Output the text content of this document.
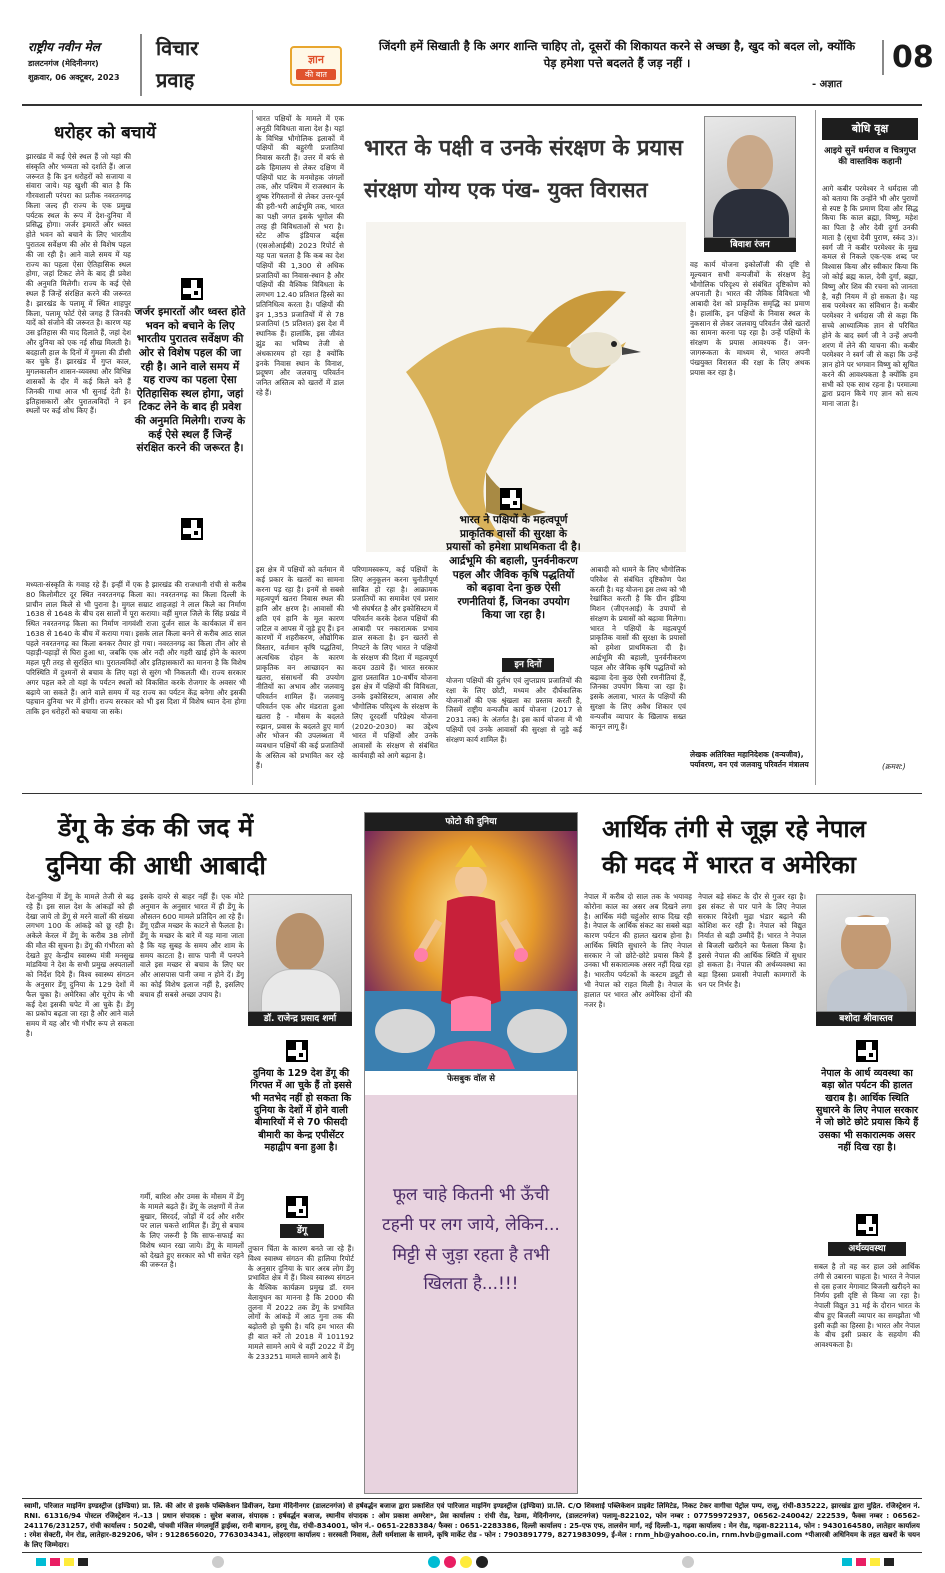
राष्ट्रीय नवीन मेल
डालटनगंज (मेदिनीनगर)
शुक्रवार, 06 अक्टूबर, 2023
विचार
प्रवाह
ज्ञान
की बात
जिंदगी हमें सिखाती है कि अगर शान्ति चाहिए तो, दूसरों की शिकायत करने से अच्छा है, खुद को बदल लो, क्योंकि पेड़ हमेशा पत्ते बदलते हैं जड़ नहीं ।
- अज्ञात
08
धरोहर को बचायें
झारखंड में कई ऐसे स्थल हैं जो यहां की संस्कृति और भव्यता को दर्शाते हैं। आज जरूरत है कि इन धरोहरों को सजाया व संवारा जाये। यह खुशी की बात है कि गौरवशाली परंपरा का प्रतीक नवरतनगढ़ किला जल्द ही राज्य के एक प्रमुख पर्यटक स्थल के रूप में देश-दुनिया में प्रसिद्ध होगा। जर्जर इमारतें और ध्वस्त होते भवन को बचाने के लिए भारतीय पुरातत्व सर्वेक्षण की ओर से विशेष पहल की जा रही है। आने वाले समय में यह राज्य का पहला ऐसा ऐतिहासिक स्थल होगा, जहां टिकट लेने के बाद ही प्रवेश की अनुमति मिलेगी। राज्य के कई ऐसे स्थल हैं जिन्हें संरक्षित करने की जरूरत है। झारखंड के पलामू में स्थित शाहपुर किला, पलामू फोर्ट ऐसे जगह हैं जिनकी यादें को संजोने की जरूरत है। कारण यह उस इतिहास की याद दिलाते हैं, जहां देश और दुनिया को एक नई सीख मिलती है। बदहाली हाल के दिनों में गुमला की डीसी कर चुके हैं। झारखंड में गुप्त काल, मुगलकालीन शासन-व्यवस्था और विभिन्न शासकों के दौर में कई किले बने हैं जिनकी गाथा आज भी सुनाई देती है। इतिहासकारों और पुरातत्वविदों ने इन स्थलों पर कई शोध किए हैं।
जर्जर इमारतों और ध्वस्त होते भवन को बचाने के लिए भारतीय पुरातत्व सर्वेक्षण की ओर से विशेष पहल की जा रही है। आने वाले समय में यह राज्य का पहला ऐसा ऐतिहासिक स्थल होगा, जहां टिकट लेने के बाद ही प्रवेश की अनुमति मिलेगी। राज्य के कई ऐसे स्थल हैं जिन्हें संरक्षित करने की जरूरत है।
मध्यता-संस्कृति के गवाह रहे हैं। इन्हीं में एक है झारखंड की राजधानी रांची से करीब 80 किलोमीटर दूर स्थित नवरतनगढ़ किला का। नवरतनगढ़ का किला दिल्ली के प्राचीन लाल किले से भी पुराना है। मुगल सम्राट शाहजहां ने लाल किले का निर्माण 1638 से 1648 के बीच दस सालों में पूरा कराया। वहीं मुगल जिले के सिंह प्रखंड में स्थित नवरतनगढ़ किला का निर्माण नागवंशी राजा दुर्जन साल के कार्यकाल में सन 1638 से 1640 के बीच में कराया गया। इसके लाल किला बनने से करीब आठ साल पहले नवरतनगढ़ का किला बनकर तैयार हो गया। नवरतनगढ़ का किला तीन ओर से पहाड़ी-पहाड़ों से घिरा हुआ था, जबकि एक ओर नदी और गहरी खाई होने के कारण महल पूरी तरह से सुरक्षित था। पुरातत्वविदों और इतिहासकारों का मानना है कि विशेष परिस्थिति में दुश्मनों से बचाव के लिए यहां से सुरंग भी निकलती थी। राज्य सरकार अगर पहल करे तो यहां के पर्यटन स्थलों को विकसित करके रोजगार के अवसर भी बढ़ाये जा सकते हैं। आने वाले समय में यह राज्य का पर्यटन केंद्र बनेगा और इसकी पहचान दुनिया भर में होगी। राज्य सरकार को भी इस दिशा में विशेष ध्यान देना होगा ताकि इन धरोहरों को बचाया जा सके।
भारत पक्षियों के मामले में एक अनूठी विविधता वाला देश है। यहां के विभिन्न भौगोलिक इलाकों में पक्षियों की बहुरंगी प्रजातियां निवास करती हैं। उत्तर में बर्फ से ढके हिमालय से लेकर दक्षिण में पक्षियों घाट के मनमोहक जंगलों तक, और पश्चिम में राजस्थान के शुष्क रेगिस्तानों से लेकर उत्तर-पूर्व की हरी-भरी आर्द्रभूमि तक, भारत का पक्षी जगत इसके भूगोल की तरह ही विविधताओं से भरा है। स्टेट ऑफ इंडियाज बर्ड्स (एसओआईबी) 2023 रिपोर्ट से यह पता चलता है कि कब का देश पक्षियों की 1,300 से अधिक प्रजातियों का निवास-स्थान है और पक्षियों की वैश्विक विविधता के लगभग 12.40 प्रतिशत हिस्से का प्रतिनिधित्व करता है। पक्षियों की इन 1,353 प्रजातियों में से 78 प्रजातियां (5 प्रतिशत) इस देश में स्थानिक हैं। हालांकि, इस जीवंत झुंड का भविष्य तेजी से अंधकारमय हो रहा है क्योंकि इनके निवास स्थान के विनाश, प्रदूषण और जलवायु परिवर्तन जनित अस्तित्व को खतरों में डाल रहे हैं।
भारत के पक्षी व उनके संरक्षण के प्रयास
संरक्षण योग्य एक पंख- युक्त विरासत
इस क्षेत्र में पक्षियों को वर्तमान में कई प्रकार के खतरों का सामना करना पड़ रहा है। इनमें से सबसे महत्वपूर्ण खतरा निवास स्थल की हानि और क्षरण है। आवासों की क्षति एवं हानि के मूल कारण जटिल व आपस में जुड़े हुए हैं। इन कारणों में शहरीकरण, औद्योगिक विस्तार, वर्तमान कृषि पद्धतियां, अत्यधिक दोहन के कारण प्राकृतिक वन आच्छादन का खतरा, संसाधनों की उपयोग नीतियों का अभाव और जलवायु परिवर्तन शामिल हैं। जलवायु परिवर्तन एक और मंडराता हुआ खतरा है - मौसम के बदलते रुझान, प्रवास के बदलते हुए मार्ग और भोजन की उपलब्धता में व्यवधान पक्षियों की कई प्रजातियों के अस्तित्व को प्रभावित कर रहे हैं।
परिणामस्वरूप, कई पक्षियों के लिए अनुकूलन करना चुनौतीपूर्ण साबित हो रहा है। आक्रामक प्रजातियों का समावेश एवं प्रसार भी संघर्षरत है और इकोसिस्टम में परिवर्तन करके देशज पक्षियों की आबादी पर नकारात्मक प्रभाव डाल सकता है। इन खतरों से निपटने के लिए भारत ने पक्षियों के संरक्षण की दिशा में महत्वपूर्ण कदम उठाये हैं। भारत सरकार द्वारा प्रस्तावित 10-वर्षीय योजना इस क्षेत्र में पक्षियों की विविधता, उनके इकोसिस्टम, आवास और भौगोलिक परिदृश्य के संरक्षण के लिए दूरदर्शी परिप्रेक्ष्य योजना (2020-2030) का उद्देश्य भारत में पक्षियों और उनके आवासों के संरक्षण से संबंधित कार्यवाही को आगे बढ़ाना है।
भारत ने पक्षियों के महत्वपूर्ण प्राकृतिक वासों की सुरक्षा के प्रयासों को हमेशा प्राथमिकता दी है। आर्द्रभूमि की बहाली, पुनर्वनीकरण पहल और जैविक कृषि पद्धतियों को बढ़ावा देना कुछ ऐसी रणनीतियां हैं, जिनका उपयोग किया जा रहा है।
इन दिनों
योजना पक्षियों की दुर्लभ एवं लुप्तप्राय प्रजातियों की रक्षा के लिए छोटी, मध्यम और दीर्घकालिक योजनाओं की एक श्रृंखला का प्रस्ताव करती है, जिसमें राष्ट्रीय वन्यजीव कार्य योजना (2017 से 2031 तक) के अंतर्गत है। इस कार्य योजना में भी पक्षियों एवं उनके आवासों की सुरक्षा से जुड़े कई संरक्षण कार्य शामिल हैं।
आबादी को थामने के लिए भौगोलिक परिवेश से संबंधित दृष्टिकोण पेश करती है। यह योजना इस तथ्य को भी रेखांकित करती है कि ग्रीन इंडिया मिशन (जीएनआई) के उपायों से संरक्षण के प्रयासों को बढ़ावा मिलेगा। भारत ने पक्षियों के महत्वपूर्ण प्राकृतिक वासों की सुरक्षा के प्रयासों को हमेशा प्राथमिकता दी है। आर्द्रभूमि की बहाली, पुनर्वनीकरण पहल और जैविक कृषि पद्धतियों को बढ़ावा देना कुछ ऐसी रणनीतियां हैं, जिनका उपयोग किया जा रहा है। इसके अलावा, भारत के पक्षियों की सुरक्षा के लिए अवैध शिकार एवं वन्यजीव व्यापार के खिलाफ सख्त कानून लागू हैं।
बिवाश रंजन
वह कार्य योजना इकोलॉजी की दृष्टि से मूल्यवान सभी वन्यजीवों के संरक्षण हेतु भौगोलिक परिदृश्य से संबंधित दृष्टिकोण को अपनाती है। भारत की जैविक विविधता भी आबादी देश को प्राकृतिक समृद्धि का प्रमाण है। हालांकि, इन पक्षियों के निवास स्थल के नुकसान से लेकर जलवायु परिवर्तन जैसे खतरों का सामना करना पड़ रहा है। उन्हें पक्षियों के संरक्षण के प्रयास आवश्यक हैं। जन-जागरूकता के माध्यम से, भारत अपनी पंखयुक्त विरासत की रक्षा के लिए अथक प्रयास कर रहा है।
लेखक अतिरिक्त महानिदेशक (वन्यजीव), पर्यावरण, वन एवं जलवायु परिवर्तन मंत्रालय
बोधि वृक्ष
आइये सुनें धर्मराज व चित्रगुप्त की वास्तविक कहानी
आगे कबीर परमेश्वर ने धर्मदास जी को बताया कि उन्होंने भी और पुराणों से स्पष्ट है कि प्रमाण दिया और सिद्ध किया कि काल ब्रह्मा, विष्णु, महेश का पिता है और देवी दुर्गा उनकी माता है (सुधा देवी पुराण, स्कंद 3)। स्वर्ग जी ने कबीर परमेश्वर के मुख कमल से निकले एक-एक शब्द पर विश्वास किया और स्वीकार किया कि जो कोई ब्रह्म काल, देवी दुर्गा, ब्रह्मा, विष्णु और शिव की रचना को जानता है, वही नियम में हो सकता है। यह सब परमेश्वर का संविधान है। कबीर परमेश्वर ने धर्मदास जी से कहा कि सच्चे आध्यात्मिक ज्ञान से परिचित होने के बाद स्वर्ग जी ने उन्हें अपनी शरण में लेने की याचना की। कबीर परमेश्वर ने स्वर्ग जी से कहा कि उन्हें ज्ञान होने पर भगवान विष्णु को सूचित करने की आवश्यकता है क्योंकि हम सभी को एक साथ रहना है। परमात्मा द्वारा प्रदान किये गए ज्ञान को सत्य माना जाता है।
(क्रमश:)
डेंगू के डंक की जद में
दुनिया की आधी आबादी
देश-दुनिया में डेंगू के मामले तेजी से बढ़ रहे हैं। इस साल देश के आंकड़ों को ही देखा जाये तो डेंगू से मरने वालों की संख्या लगभग 100 के आंकड़े को छू रही है। अकेले केरल में डेंगू के करीब 38 लोगों की मौत की सूचना है। डेंगू की गंभीरता को देखते हुए केन्द्रीय स्वास्थ्य मंत्री मनसुख मांडविया ने देश के सभी प्रमुख अस्पतालों को निर्देश दिये हैं। विश्व स्वास्थ्य संगठन के अनुसार डेंगू दुनिया के 129 देशों में फैल चुका है। अमेरिका और यूरोप के भी कई देश इसकी चपेट में आ चुके हैं। डेंगू का प्रकोप बढ़ता जा रहा है और आने वाले समय में यह और भी गंभीर रूप ले सकता है।
डॉ. राजेन्द्र प्रसाद शर्मा
इसके दायरे से बाहर नहीं हैं। एक मोटे अनुमान के अनुसार भारत में ही डेंगू के औसतन 600 मामले प्रतिदिन आ रहे हैं। डेंगू एडीज मच्छर के काटने से फैलता है। डेंगू के मच्छर के बारे में यह माना जाता है कि यह सुबह के समय और शाम के समय काटता है। साफ पानी में पनपने वाले इस मच्छर से बचाव के लिए घर और आसपास पानी जमा न होने दें। डेंगू का कोई विशेष इलाज नहीं है, इसलिए बचाव ही सबसे अच्छा उपाय है।
दुनिया के 129 देश डेंगू की गिरफ्त में आ चुके हैं तो इससे भी मतभेद नहीं हो सकता कि दुनिया के देशों में होने वाली बीमारियों में से 70 फीसदी बीमारी का केन्द्र एपीसेंटर महाद्वीप बना हुआ है।
डेंगू
गर्मी, बारिश और उमस के मौसम में डेंगू के मामले बढ़ते हैं। डेंगू के लक्षणों में तेज बुखार, सिरदर्द, जोड़ों में दर्द और शरीर पर लाल चकत्ते शामिल हैं। डेंगू से बचाव के लिए जरूरी है कि साफ-सफाई का विशेष ध्यान रखा जाये। डेंगू के मामलों को देखते हुए सरकार को भी सचेत रहने की जरूरत है।
तुफान चिंता के कारण बनते जा रहे हैं। विश्व स्वास्थ्य संगठन की हालिया रिपोर्ट के अनुसार दुनिया के चार अरब लोग डेंगू प्रभावित क्षेत्र में हैं। विश्व स्वास्थ्य संगठन के वैश्विक कार्यक्रम प्रमुख डॉ. रमन वेलायुधन का मानना है कि 2000 की तुलना में 2022 तक डेंगू के प्रभावित लोगों के आंकड़े में आठ गुना तक की बढ़ोतरी हो चुकी है। यदि हम भारत की ही बात करें तो 2018 में 101192 मामले सामने आये थे वहीं 2022 में डेंगू के 233251 मामले सामने आये हैं।
फोटो की दुनिया
फेसबुक वॉल से
फूल चाहे कितनी भी ऊँची टहनी पर लग जाये, लेकिन... मिट्टी से जुड़ा रहता है तभी खिलता है...!!!
आर्थिक तंगी से जूझ रहे नेपाल
की मदद में भारत व अमेरिका
नेपाल में करीब दो साल तक के भयावह कोरोना काल का असर अब दिखने लगा है। आर्थिक मंदी चहुंओर साफ दिख रही है। नेपाल के आर्थिक संकट का सबसे बड़ा कारण पर्यटन की हालत खराब होना है। आर्थिक स्थिति सुधारने के लिए नेपाल सरकार ने जो छोटे-छोटे प्रयास किये हैं उनका भी सकारात्मक असर नहीं दिख रहा है। भारतीय पर्यटकों के कस्टम ड्यूटी से भी नेपाल को राहत मिली है। नेपाल के हालात पर भारत और अमेरिका दोनों की नजर है।
नेपाल बड़े संकट के दौर से गुजर रहा है। इस संकट से पार पाने के लिए नेपाल सरकार विदेशी मुद्रा भंडार बढ़ाने की कोशिश कर रही है। नेपाल को विद्युत निर्यात से बड़ी उम्मीदें हैं। भारत ने नेपाल से बिजली खरीदने का फैसला किया है। इससे नेपाल की आर्थिक स्थिति में सुधार हो सकता है। नेपाल की अर्थव्यवस्था का बड़ा हिस्सा प्रवासी नेपाली कामगारों के धन पर निर्भर है।
बशोदा श्रीवास्तव
नेपाल के आर्थ व्यवस्था का बड़ा स्रोत पर्यटन की हालत खराब है। आर्थिक स्थिति सुधारने के लिए नेपाल सरकार ने जो छोटे छोटे प्रयास किये हैं उसका भी सकारात्मक असर नहीं दिख रहा है।
अर्थव्यवस्था
सबल है तो वह कर हाल उसे आर्थिक तंगी से उबारना चाहता है। भारत ने नेपाल से दस हजार मेगावाट बिजली खरीदने का निर्णय इसी दृष्टि से किया जा रहा है। नेपाली विद्युत 31 मई के दौरान भारत के बीच हुए बिजली व्यापार का समझौता भी इसी कड़ी का हिस्सा है। भारत और नेपाल के बीच इसी प्रकार के सहयोग की आवश्यकता है।
स्वामी, परिजात माइनिंग इण्डस्ट्रीज (इण्डिया) प्रा. लि. की ओर से इसके पब्लिकेशन डिवीजन, रेडमा मेदिनीनगर (डालटनगंज) से हर्षवर्द्धन बजाज द्वारा प्रकाशित एवं पारिजात माइनिंग इण्डस्ट्रीज (इण्डिया) प्रा.लि. C/O शिवशाई पब्लिकेशन प्राइवेट लिमिटेड, निकट टेकर वागीचा पेट्रोल पम्प, राजू, रांची-835222, झारखंड द्वारा मुद्रित. रजिस्ट्रेशन नं. RNI. 61316/94 पोस्टल रजिस्ट्रेशन नं.-13 | प्रधान संपादक : सुरेश बजाज, संपादक : हर्षवर्द्धन बजाज, स्थानीय संपादक : ओम प्रकाश अमरेश*, प्रेस कार्यालय : रांची रोड, रेडमा, मेदिनीनगर, (डालटनगंज) पलामू-822102, फोन नम्बर : 07759972937, 06562-240042/ 222539, फैक्स नम्बर : 06562-241176/231257, रांची कार्यालय : 502बी, पांचवी मंजिल मंगलमूर्ति ड्राईव्स, रानी बागान, हरमू रोड, रांची-834001, फोन नं.- 0651-2283384/ फैक्स : 0651-2283386, दिल्ली कार्यालय : 25-एफ एफ, तालसेन मार्ग, नई दिल्ली-1, गढ़वा कार्यालय : मेन रोड, गढ़वा-822114, फोन : 9430164580, लातेहार कार्यालय : रमेश सेक्टरी, मेन रोड, लातेहार-829206, फोन : 9128656020, 7763034341, लोहरदगा कार्यालय : सरस्वती निवास, तेली धर्मशाला के सामने, कृषि मार्केट रोड - फोन : 7903891779, 8271983099, ई-मेल : rnm_hb@yahoo.co.in, rnm.hvb@gmail.com *पीआरबी अधिनियम के तहत खबरों के चयन के लिए जिम्मेदार।
